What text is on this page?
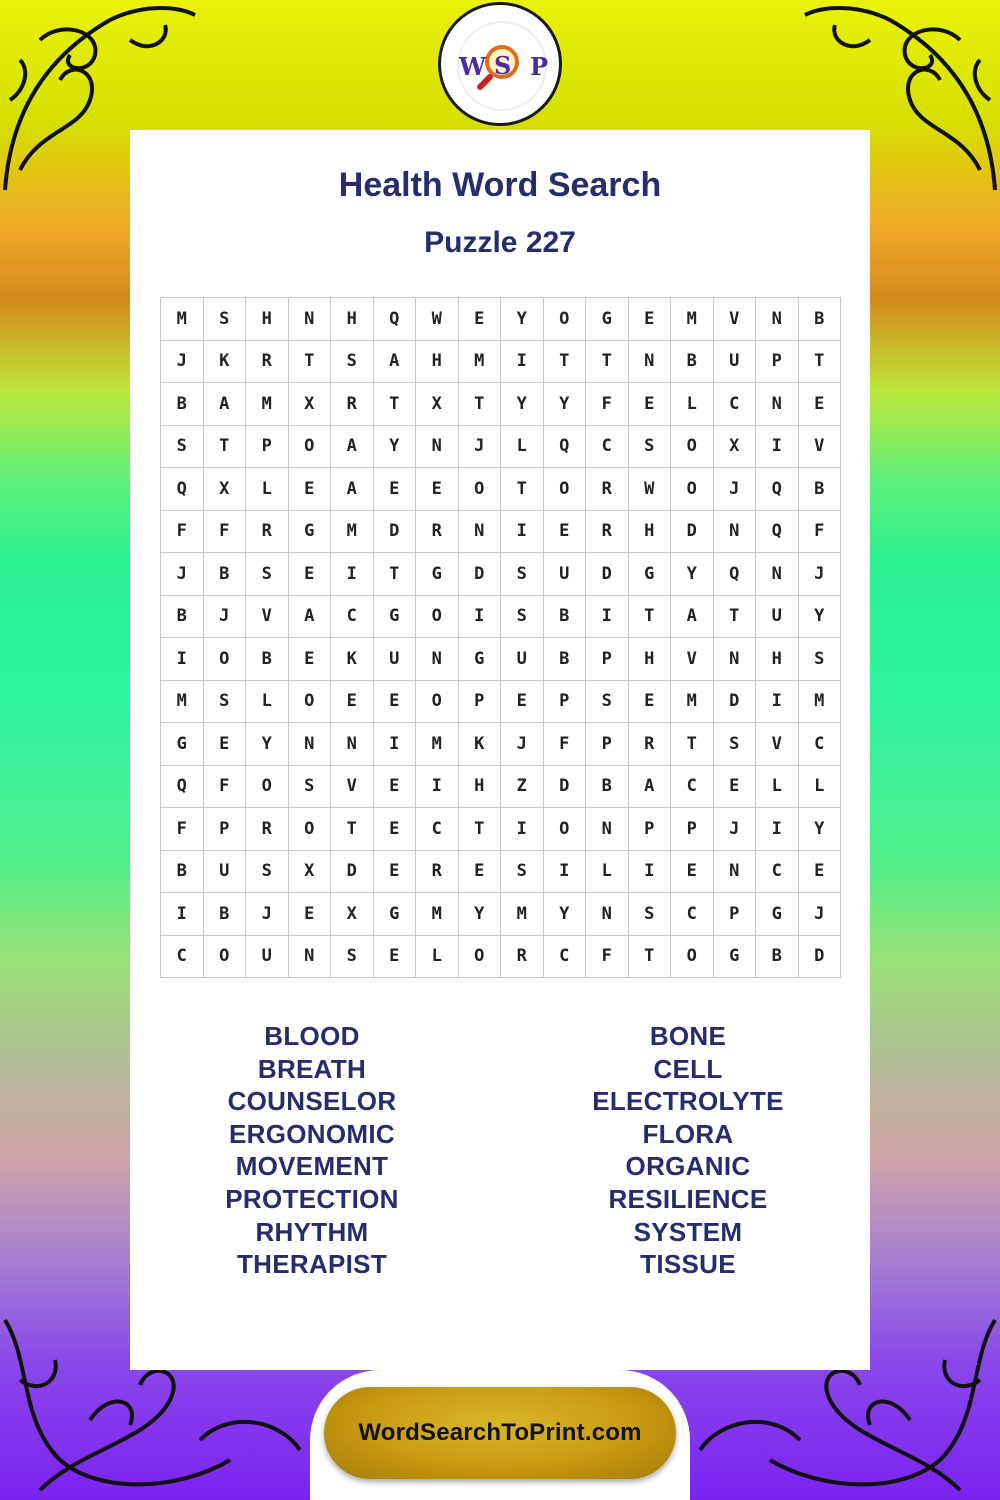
W S P
Health Word Search
Puzzle 227
M	S	H	N	H	Q	W	E	Y	O	G	E	M	V	N	B
J	K	R	T	S	A	H	M	I	T	T	N	B	U	P	T
B	A	M	X	R	T	X	T	Y	Y	F	E	L	C	N	E
S	T	P	O	A	Y	N	J	L	Q	C	S	O	X	I	V
Q	X	L	E	A	E	E	O	T	O	R	W	O	J	Q	B
F	F	R	G	M	D	R	N	I	E	R	H	D	N	Q	F
J	B	S	E	I	T	G	D	S	U	D	G	Y	Q	N	J
B	J	V	A	C	G	O	I	S	B	I	T	A	T	U	Y
I	O	B	E	K	U	N	G	U	B	P	H	V	N	H	S
M	S	L	O	E	E	O	P	E	P	S	E	M	D	I	M
G	E	Y	N	N	I	M	K	J	F	P	R	T	S	V	C
Q	F	O	S	V	E	I	H	Z	D	B	A	C	E	L	L
F	P	R	O	T	E	C	T	I	O	N	P	P	J	I	Y
B	U	S	X	D	E	R	E	S	I	L	I	E	N	C	E
I	B	J	E	X	G	M	Y	M	Y	N	S	C	P	G	J
C	O	U	N	S	E	L	O	R	C	F	T	O	G	B	D
BLOOD
BREATH
COUNSELOR
ERGONOMIC
MOVEMENT
PROTECTION
RHYTHM
THERAPIST
BONE
CELL
ELECTROLYTE
FLORA
ORGANIC
RESILIENCE
SYSTEM
TISSUE
WordSearchToPrint.com
